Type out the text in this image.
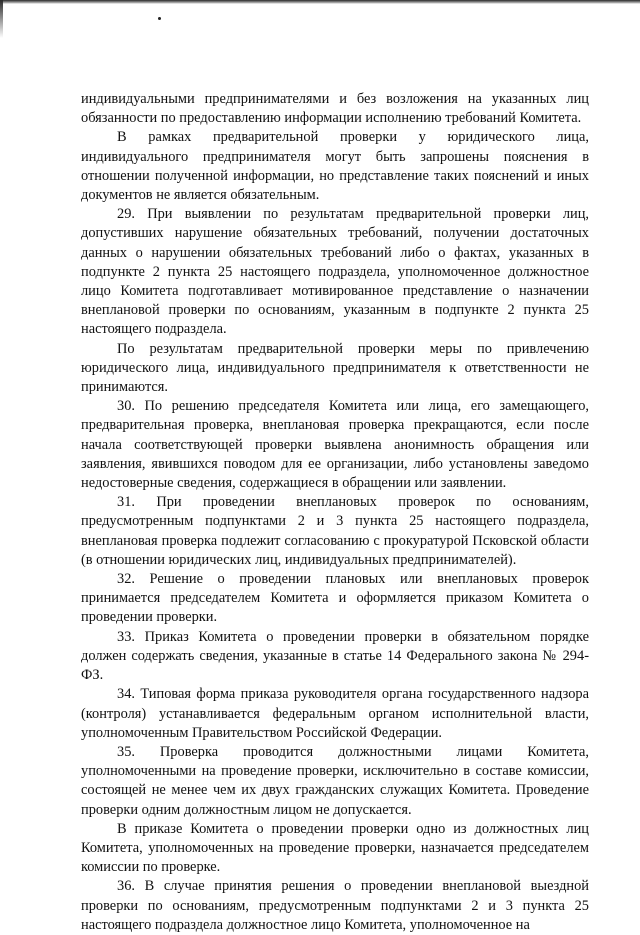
индивидуальными предпринимателями и без возложения на указанных лиц обязанности по предоставлению информации исполнению требований Комитета.

В рамках предварительной проверки у юридического лица, индивидуального предпринимателя могут быть запрошены пояснения в отношении полученной информации, но представление таких пояснений и иных документов не является обязательным.

29. При выявлении по результатам предварительной проверки лиц, допустивших нарушение обязательных требований, получении достаточных данных о нарушении обязательных требований либо о фактах, указанных в подпункте 2 пункта 25 настоящего подраздела, уполномоченное должностное лицо Комитета подготавливает мотивированное представление о назначении внеплановой проверки по основаниям, указанным в подпункте 2 пункта 25 настоящего подраздела.

По результатам предварительной проверки меры по привлечению юридического лица, индивидуального предпринимателя к ответственности не принимаются.

30. По решению председателя Комитета или лица, его замещающего, предварительная проверка, внеплановая проверка прекращаются, если после начала соответствующей проверки выявлена анонимность обращения или заявления, явившихся поводом для ее организации, либо установлены заведомо недостоверные сведения, содержащиеся в обращении или заявлении.

31. При проведении внеплановых проверок по основаниям, предусмотренным подпунктами 2 и 3 пункта 25 настоящего подраздела, внеплановая проверка подлежит согласованию с прокуратурой Псковской области (в отношении юридических лиц, индивидуальных предпринимателей).

32. Решение о проведении плановых или внеплановых проверок принимается председателем Комитета и оформляется приказом Комитета о проведении проверки.

33. Приказ Комитета о проведении проверки в обязательном порядке должен содержать сведения, указанные в статье 14 Федерального закона № 294-ФЗ.

34. Типовая форма приказа руководителя органа государственного надзора (контроля) устанавливается федеральным органом исполнительной власти, уполномоченным Правительством Российской Федерации.

35. Проверка проводится должностными лицами Комитета, уполномоченными на проведение проверки, исключительно в составе комиссии, состоящей не менее чем их двух гражданских служащих Комитета. Проведение проверки одним должностным лицом не допускается.

В приказе Комитета о проведении проверки одно из должностных лиц Комитета, уполномоченных на проведение проверки, назначается председателем комиссии по проверке.

36. В случае принятия решения о проведении внеплановой выездной проверки по основаниям, предусмотренным подпунктами 2 и 3 пункта 25 настоящего подраздела должностное лицо Комитета, уполномоченное на
